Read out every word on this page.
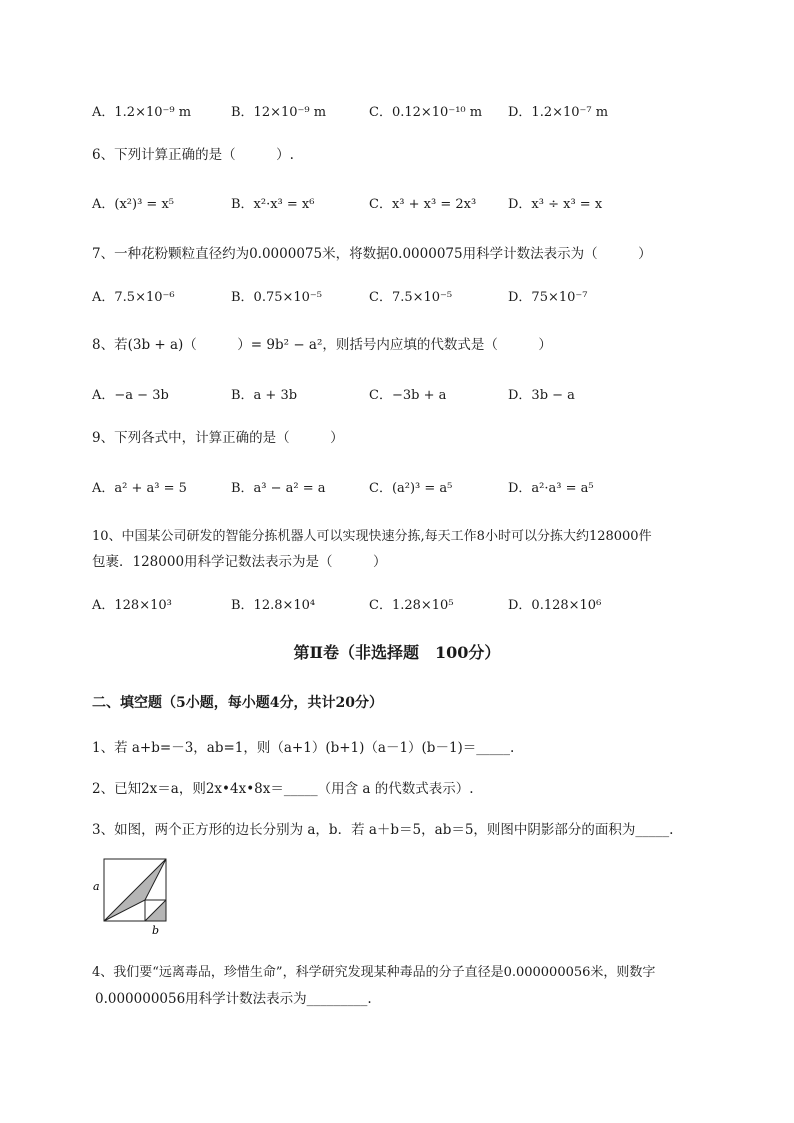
A．1.2×10⁻⁹ m	B．12×10⁻⁹ m	C．0.12×10⁻¹⁰ m D．1.2×10⁻⁷ m
6、下列计算正确的是（　　　）.
A．(x²)³ = x⁵	B．x²·x³ = x⁶	C．x³ + x³ = 2x³ D．x³ ÷ x³ = x
7、一种花粉颗粒直径约为0.0000075米，将数据0.0000075用科学计数法表示为（　　　）
A．7.5×10⁻⁶	B．0.75×10⁻⁵	C．7.5×10⁻⁵	D．75×10⁻⁷
8、若(3b + a)（　　　）= 9b² − a²，则括号内应填的代数式是（　　　）
A．−a − 3b	B．a + 3b	C．−3b + a	D．3b − a
9、下列各式中，计算正确的是（　　　）
A．a² + a³ = 5	B．a³ − a² = a	C．(a²)³ = a⁵	D．a²·a³ = a⁵
10、中国某公司研发的智能分拣机器人可以实现快速分拣,每天工作8小时可以分拣大约128000件
包裹．128000用科学记数法表示为是（　　　）
A．128×10³	B．12.8×10⁴	C．1.28×10⁵	D．0.128×10⁶
第Ⅱ卷（非选择题　100分）
二、填空题（5小题，每小题4分，共计20分）
1、若 a+b=－3，ab=1，则（a+1）(b+1)（a－1）(b－1)＝_____.
2、已知2x＝a，则2x•4x•8x＝_____（用含 a 的代数式表示）.
3、如图，两个正方形的边长分别为 a，b．若 a＋b＝5，ab＝5，则图中阴影部分的面积为_____.
a
b
4、我们要“远离毒品，珍惜生命”，科学研究发现某种毒品的分子直径是0.000000056米，则数字
0.000000056用科学计数法表示为_________.
